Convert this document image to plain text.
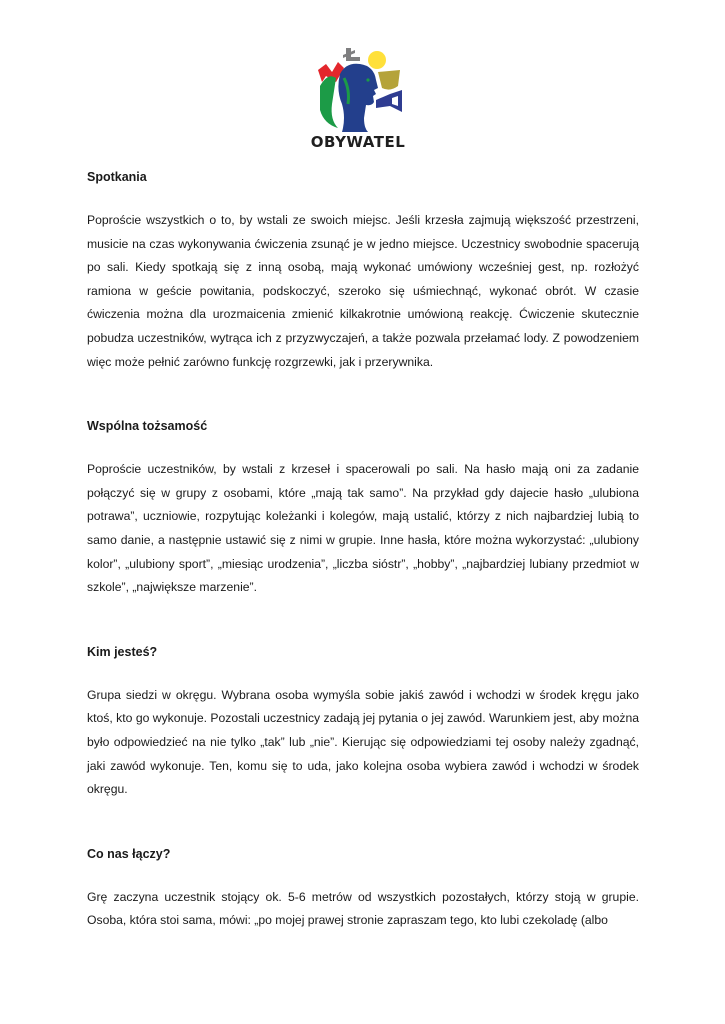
OBYWATEL
Spotkania

Poproście wszystkich o to, by wstali ze swoich miejsc. Jeśli krzesła zajmują większość przestrzeni, musicie na czas wykonywania ćwiczenia zsunąć je w jedno miejsce. Uczestnicy swobodnie spacerują po sali. Kiedy spotkają się z inną osobą, mają wykonać umówiony wcześniej gest, np. rozłożyć ramiona w geście powitania, podskoczyć, szeroko się uśmiechnąć, wykonać obrót. W czasie ćwiczenia można dla urozmaicenia zmienić kilkakrotnie umówioną reakcję. Ćwiczenie skutecznie pobudza uczestników, wytrąca ich z przyzwyczajeń, a także pozwala przełamać lody. Z powodzeniem więc może pełnić zarówno funkcję rozgrzewki, jak i przerywnika.

Wspólna tożsamość

Poproście uczestników, by wstali z krzeseł i spacerowali po sali. Na hasło mają oni za zadanie połączyć się w grupy z osobami, które „mają tak samo”. Na przykład gdy dajecie hasło „ulubiona potrawa”, uczniowie, rozpytując koleżanki i kolegów, mają ustalić, którzy z nich najbardziej lubią to samo danie, a następnie ustawić się z nimi w grupie. Inne hasła, które można wykorzystać: „ulubiony kolor”, „ulubiony sport”, „miesiąc urodzenia”, „liczba sióstr”, „hobby”, „najbardziej lubiany przedmiot w szkole”, „największe marzenie”.

Kim jesteś?

Grupa siedzi w okręgu. Wybrana osoba wymyśla sobie jakiś zawód i wchodzi w środek kręgu jako ktoś, kto go wykonuje. Pozostali uczestnicy zadają jej pytania o jej zawód. Warunkiem jest, aby można było odpowiedzieć na nie tylko „tak” lub „nie”. Kierując się odpowiedziami tej osoby należy zgadnąć, jaki zawód wykonuje. Ten, komu się to uda, jako kolejna osoba wybiera zawód i wchodzi w środek okręgu.

Co nas łączy?

Grę zaczyna uczestnik stojący ok. 5-6 metrów od wszystkich pozostałych, którzy stoją w grupie. Osoba, która stoi sama, mówi: „po mojej prawej stronie zapraszam tego, kto lubi czekoladę (albo
